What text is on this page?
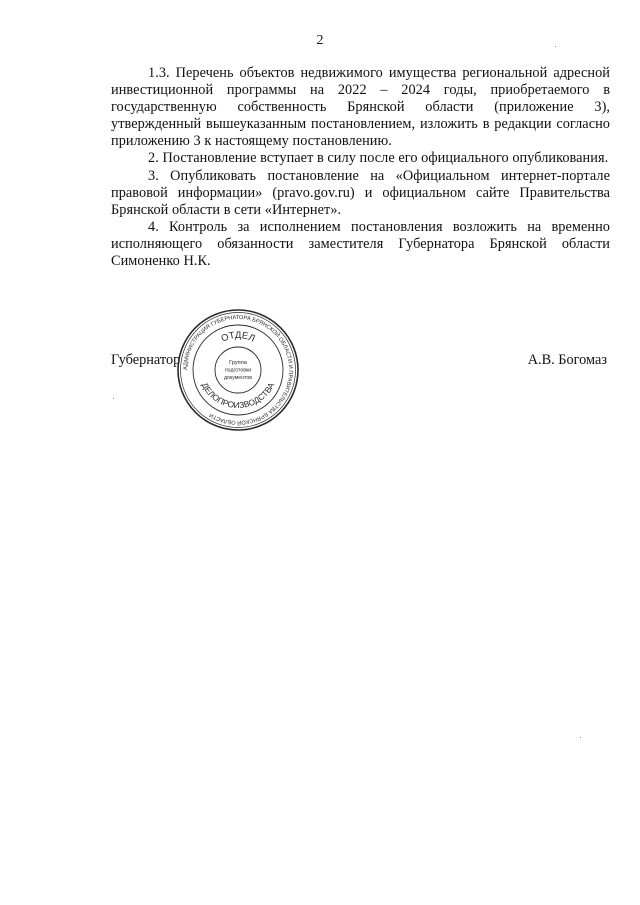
2

1.3. Перечень объектов недвижимого имущества региональной адресной инвестиционной программы на 2022 – 2024 годы, приобретаемого в государственную собственность Брянской области (приложение 3), утвержденный вышеуказанным постановлением, изложить в редакции согласно приложению 3 к настоящему постановлению.

2. Постановление вступает в силу после его официального опубликования.

3. Опубликовать постановление на «Официальном интернет-портале правовой информации» (pravo.gov.ru) и официальном сайте Правительства Брянской области в сети «Интернет».

4. Контроль за исполнением постановления возложить на временно исполняющего обязанности заместителя Губернатора Брянской области Симоненко Н.К.

Губернатор	А.В. Богомаз
АДМИНИСТРАЦИЯ ГУБЕРНАТОРА БРЯНСКОЙ ОБЛАСТИ И ПРАВИТЕЛЬСТВА БРЯНСКОЙ ОБЛАСТИ
ОТДЕЛ
ДЕЛОПРОИЗВОДСТВА
Группа
подготовки
документов
